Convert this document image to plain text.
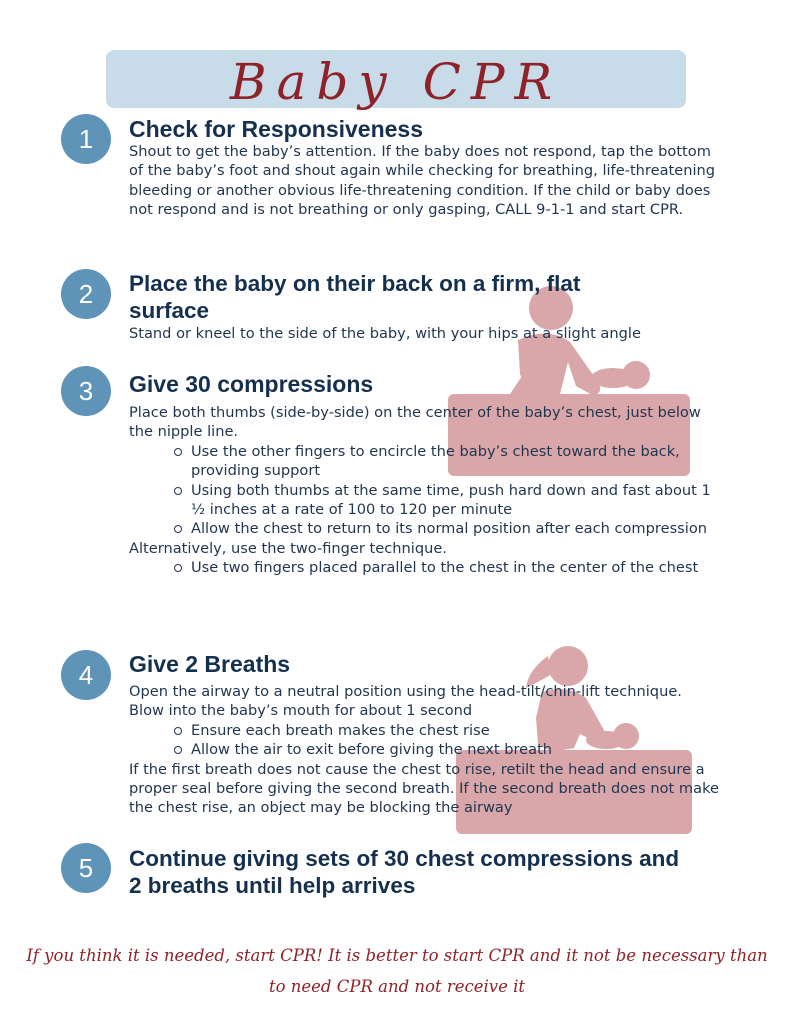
Baby CPR
1	Check for Responsiveness

Shout to get the baby’s attention. If the baby does not respond, tap the bottom of the baby’s foot and shout again while checking for breathing, life-threatening bleeding or another obvious life-threatening condition. If the child or baby does not respond and is not breathing or only gasping, CALL 9-1-1 and start CPR.

2	Place the baby on their back on a firm, flat surface

Stand or kneel to the side of the baby, with your hips at a slight angle

3	Give 30 compressions

Place both thumbs (side-by-side) on the center of the baby’s chest, just below the nipple line.

Use the other fingers to encircle the baby’s chest toward the back, providing support
Using both thumbs at the same time, push hard down and fast about 1 ½ inches at a rate of 100 to 120 per minute
Allow the chest to return to its normal position after each compression

Alternatively, use the two-finger technique.

Use two fingers placed parallel to the chest in the center of the chest
4	Give 2 Breaths

Open the airway to a neutral position using the head-tilt/chin-lift technique. Blow into the baby’s mouth for about 1 second

Ensure each breath makes the chest rise
Allow the air to exit before giving the next breath

If the first breath does not cause the chest to rise, retilt the head and ensure a proper seal before giving the second breath. If the second breath does not make the chest rise, an object may be blocking the airway

5	Continue giving sets of 30 chest compressions and 2 breaths until help arrives
If you think it is needed, start CPR! It is better to start CPR and it not be necessary than to need CPR and not receive it
